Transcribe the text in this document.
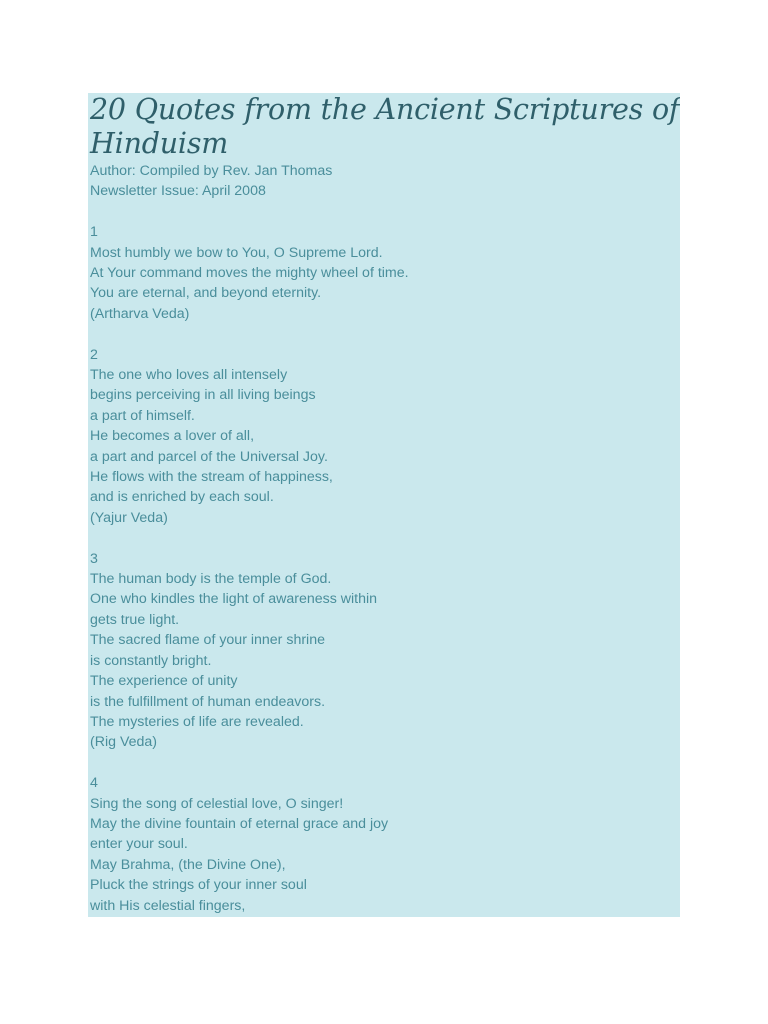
20 Quotes from the Ancient Scriptures of
Hinduism
Author: Compiled by Rev. Jan Thomas
Newsletter Issue: April 2008
1
Most humbly we bow to You, O Supreme Lord.
At Your command moves the mighty wheel of time.
You are eternal, and beyond eternity.
(Artharva Veda)
2
The one who loves all intensely
begins perceiving in all living beings
a part of himself.
He becomes a lover of all,
a part and parcel of the Universal Joy.
He flows with the stream of happiness,
and is enriched by each soul.
(Yajur Veda)
3
The human body is the temple of God.
One who kindles the light of awareness within
gets true light.
The sacred flame of your inner shrine
is constantly bright.
The experience of unity
is the fulfillment of human endeavors.
The mysteries of life are revealed.
(Rig Veda)
4
Sing the song of celestial love, O singer!
May the divine fountain of eternal grace and joy
enter your soul.
May Brahma, (the Divine One),
Pluck the strings of your inner soul
with His celestial fingers,
